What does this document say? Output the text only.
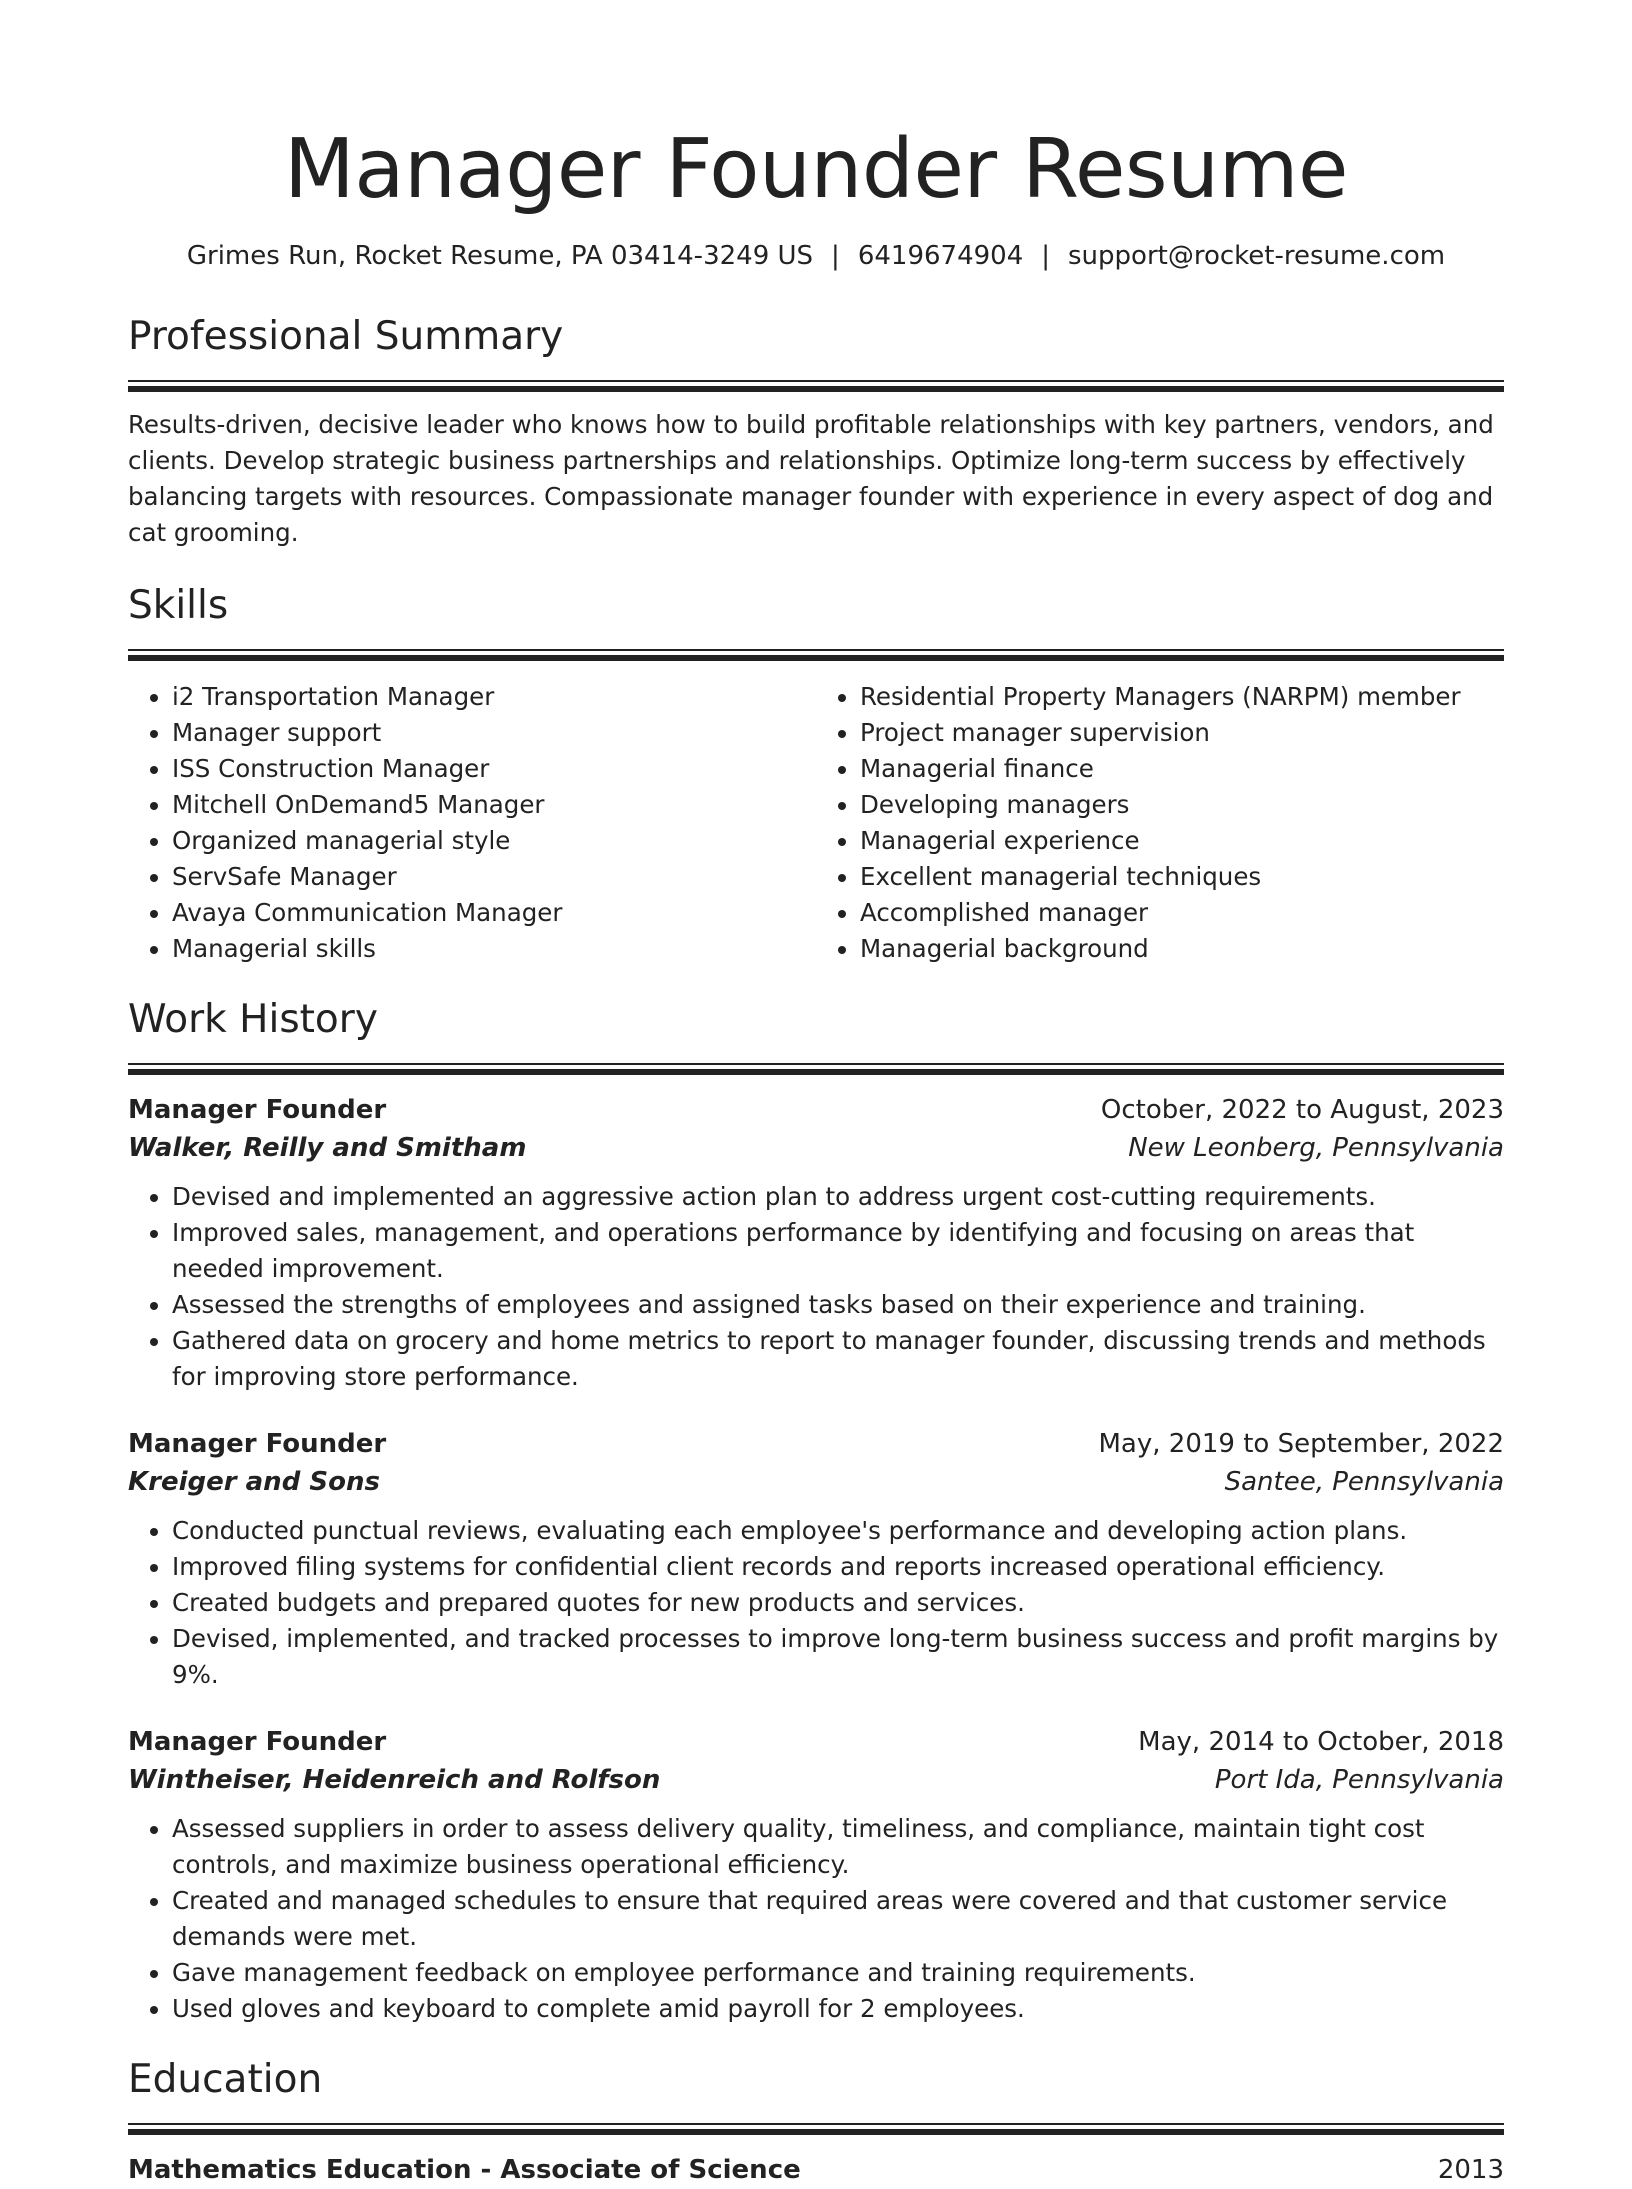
Manager Founder Resume
Grimes Run, Rocket Resume, PA 03414-3249 US | 6419674904 | support@rocket-resume.com
Professional Summary
Results-driven, decisive leader who knows how to build profitable relationships with key partners, vendors, and clients. Develop strategic business partnerships and relationships. Optimize long-term success by effectively balancing targets with resources. Compassionate manager founder with experience in every aspect of dog and cat grooming.
Skills
• i2 Transportation Manager
• Manager support
• ISS Construction Manager
• Mitchell OnDemand5 Manager
• Organized managerial style
• ServSafe Manager
• Avaya Communication Manager
• Managerial skills
• Residential Property Managers (NARPM) member
• Project manager supervision
• Managerial finance
• Developing managers
• Managerial experience
• Excellent managerial techniques
• Accomplished manager
• Managerial background
Work History
Manager Founder	October, 2022 to August, 2023
Walker, Reilly and Smitham	New Leonberg, Pennsylvania
• Devised and implemented an aggressive action plan to address urgent cost-cutting requirements.
• Improved sales, management, and operations performance by identifying and focusing on areas that needed improvement.
• Assessed the strengths of employees and assigned tasks based on their experience and training.
• Gathered data on grocery and home metrics to report to manager founder, discussing trends and methods for improving store performance.
Manager Founder	May, 2019 to September, 2022
Kreiger and Sons	Santee, Pennsylvania
• Conducted punctual reviews, evaluating each employee's performance and developing action plans.
• Improved filing systems for confidential client records and reports increased operational efficiency.
• Created budgets and prepared quotes for new products and services.
• Devised, implemented, and tracked processes to improve long-term business success and profit margins by 9%.
Manager Founder	May, 2014 to October, 2018
Wintheiser, Heidenreich and Rolfson	Port Ida, Pennsylvania
• Assessed suppliers in order to assess delivery quality, timeliness, and compliance, maintain tight cost controls, and maximize business operational efficiency.
• Created and managed schedules to ensure that required areas were covered and that customer service demands were met.
• Gave management feedback on employee performance and training requirements.
• Used gloves and keyboard to complete amid payroll for 2 employees.
Education
Mathematics Education - Associate of Science	2013
